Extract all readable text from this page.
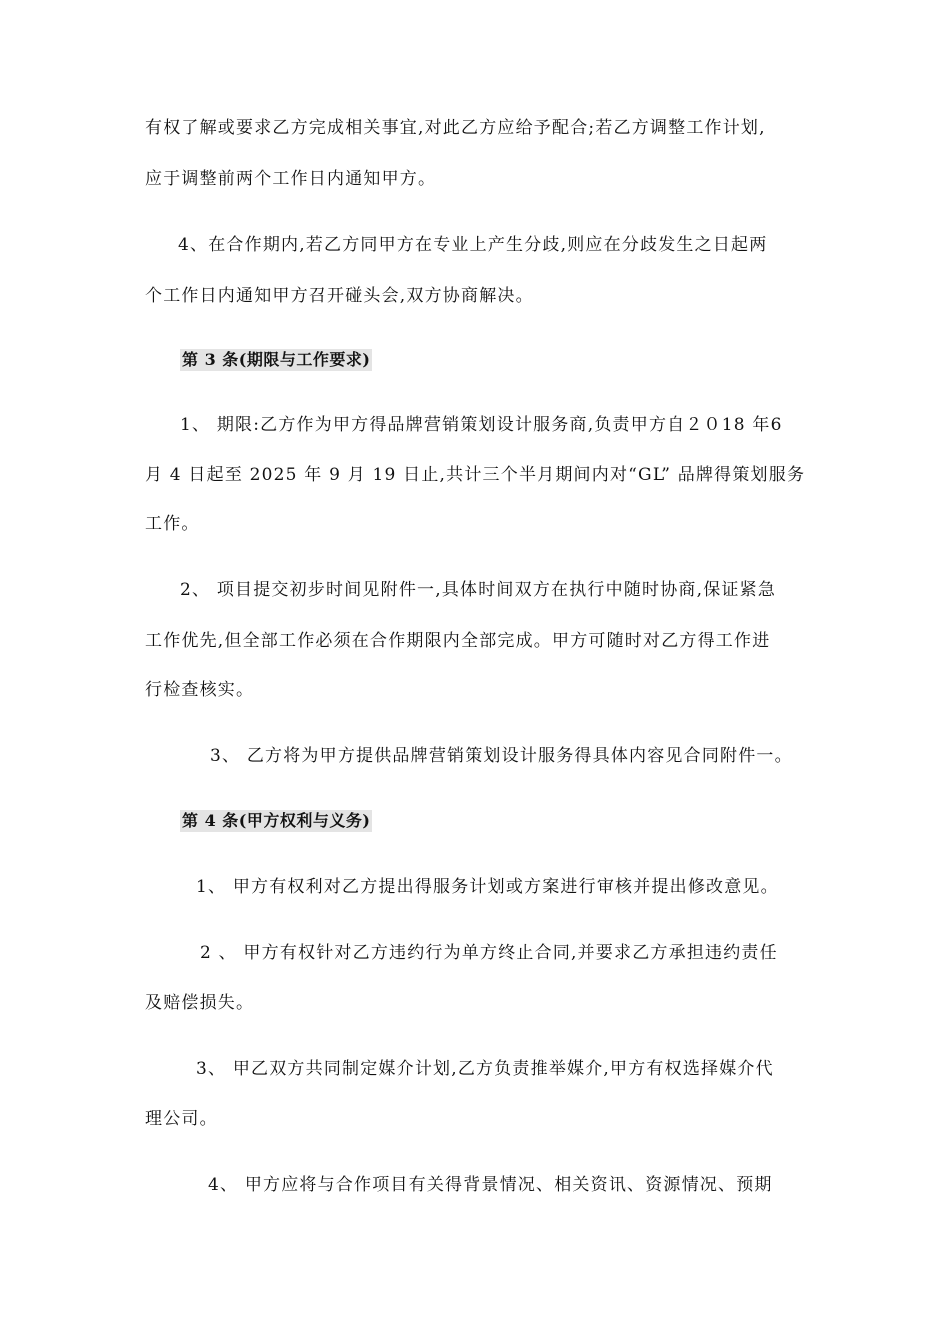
有权了解或要求乙方完成相关事宜,对此乙方应给予配合;若乙方调整工作计划,
应于调整前两个工作日内通知甲方。
4、在合作期内,若乙方同甲方在专业上产生分歧,则应在分歧发生之日起两
个工作日内通知甲方召开碰头会,双方协商解决。
第 3 条(期限与工作要求)
1、 期限:乙方作为甲方得品牌营销策划设计服务商,负责甲方自２０18 年6
月 4 日起至 2025 年 9 月 19 日止,共计三个半月期间内对“GL” 品牌得策划服务
工作。
2、 项目提交初步时间见附件一,具体时间双方在执行中随时协商,保证紧急
工作优先,但全部工作必须在合作期限内全部完成。甲方可随时对乙方得工作进
行检查核实。
3、 乙方将为甲方提供品牌营销策划设计服务得具体内容见合同附件一。
第 4 条(甲方权利与义务)
1、 甲方有权利对乙方提出得服务计划或方案进行审核并提出修改意见。
2 、 甲方有权针对乙方违约行为单方终止合同,并要求乙方承担违约责任
及赔偿损失。
3、 甲乙双方共同制定媒介计划,乙方负责推举媒介,甲方有权选择媒介代
理公司。
4、 甲方应将与合作项目有关得背景情况、相关资讯、资源情况、预期
